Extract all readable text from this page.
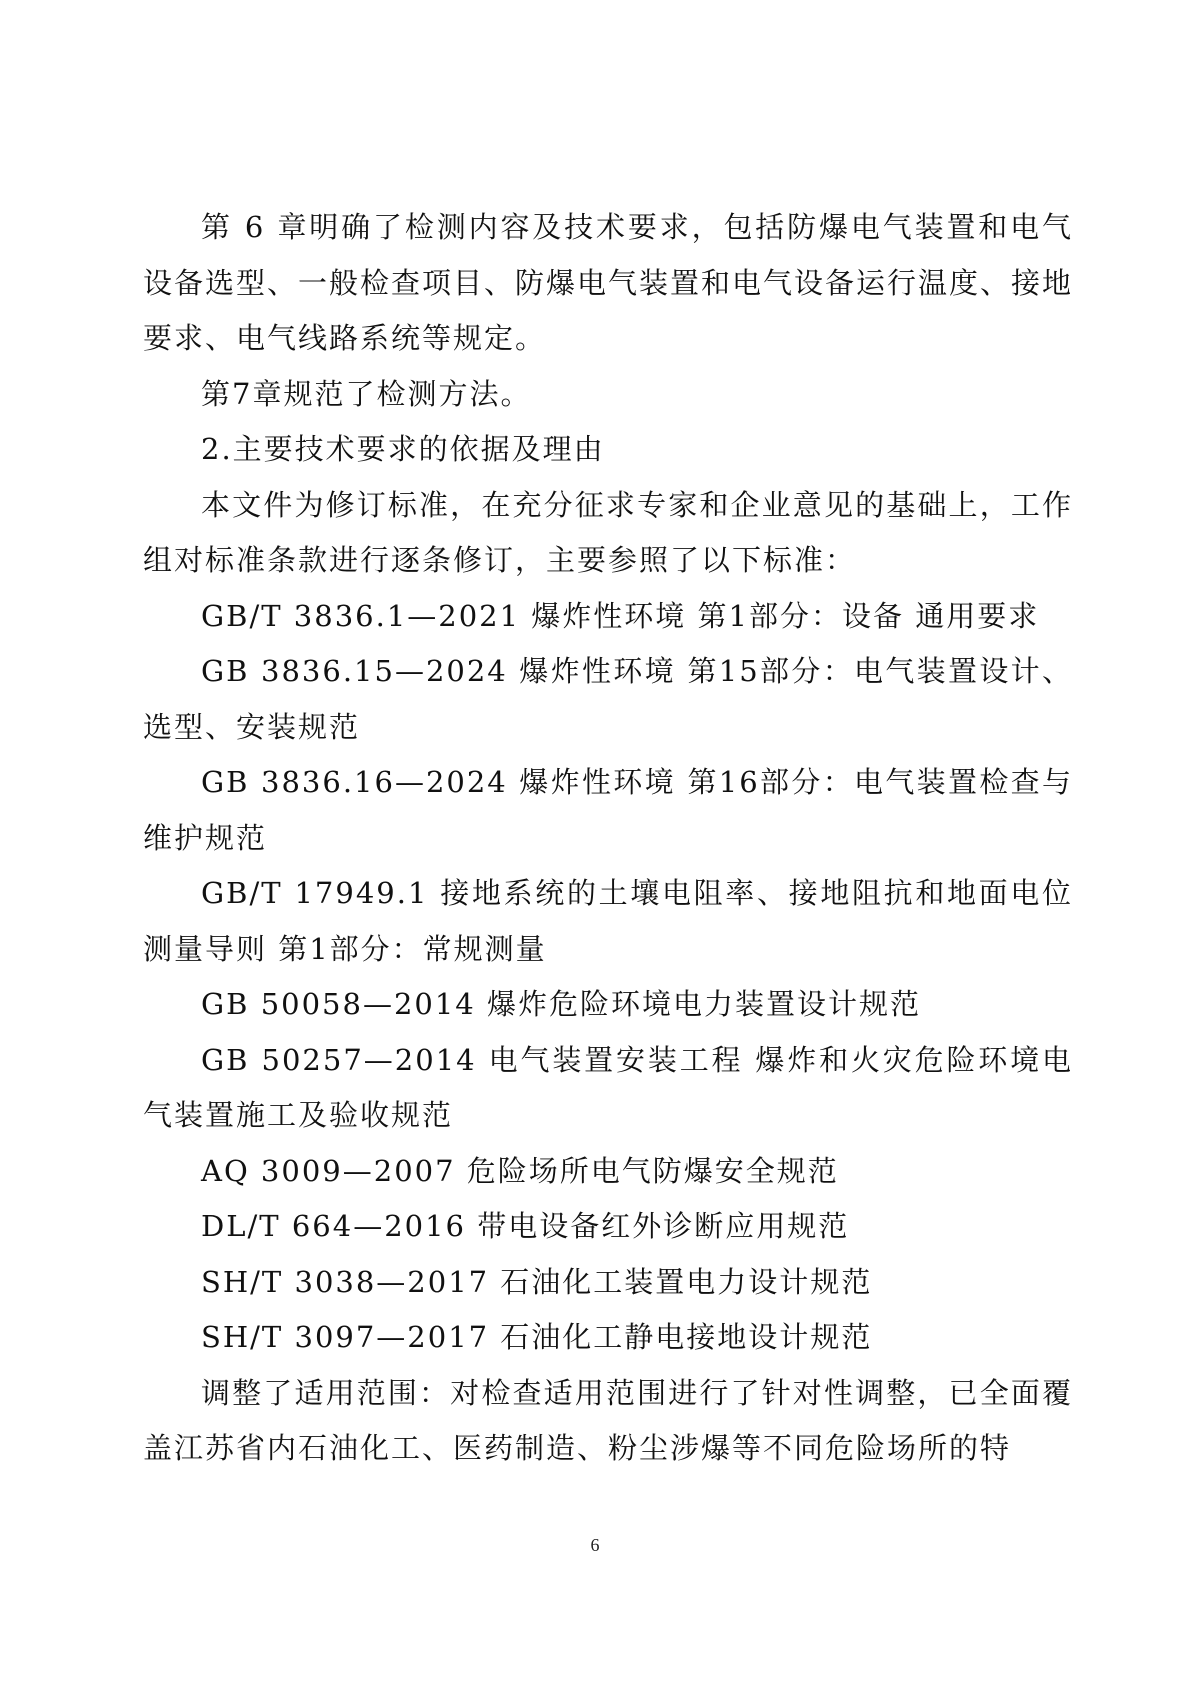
第 6 章明确了检测内容及技术要求，包括防爆电气装置和电气设备选型、一般检查项目、防爆电气装置和电气设备运行温度、接地要求、电气线路系统等规定。

第7章规范了检测方法。

2.主要技术要求的依据及理由

本文件为修订标准，在充分征求专家和企业意见的基础上，工作组对标准条款进行逐条修订，主要参照了以下标准：

GB/T 3836.1—2021 爆炸性环境 第1部分：设备 通用要求

GB 3836.15—2024 爆炸性环境 第15部分：电气装置设计、选型、安装规范

GB 3836.16—2024 爆炸性环境 第16部分：电气装置检查与维护规范

GB/T 17949.1 接地系统的土壤电阻率、接地阻抗和地面电位测量导则 第1部分：常规测量

GB 50058—2014 爆炸危险环境电力装置设计规范

GB 50257—2014 电气装置安装工程 爆炸和火灾危险环境电气装置施工及验收规范

AQ 3009—2007 危险场所电气防爆安全规范

DL/T 664—2016 带电设备红外诊断应用规范

SH/T 3038—2017 石油化工装置电力设计规范

SH/T 3097—2017 石油化工静电接地设计规范

调整了适用范围：对检查适用范围进行了针对性调整，已全面覆盖江苏省内石油化工、医药制造、粉尘涉爆等不同危险场所的特

6
